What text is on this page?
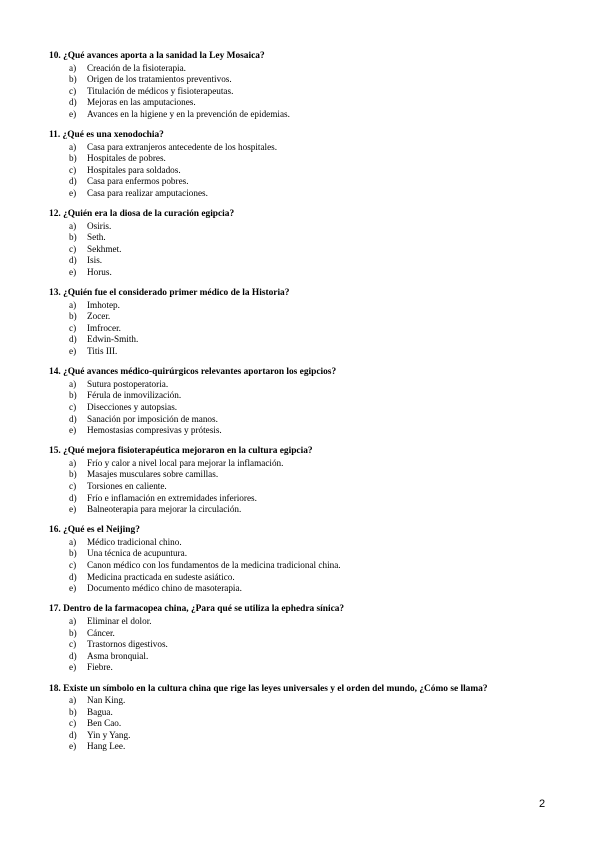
10. ¿Qué avances aporta a la sanidad la Ley Mosaica?
a) Creación de la fisioterapia.
b) Origen de los tratamientos preventivos.
c) Titulación de médicos y fisioterapeutas.
d) Mejoras en las amputaciones.
e) Avances en la higiene y en la prevención de epidemias.
11. ¿Qué es una xenodochia?
a) Casa para extranjeros antecedente de los hospitales.
b) Hospitales de pobres.
c) Hospitales para soldados.
d) Casa para enfermos pobres.
e) Casa para realizar amputaciones.
12. ¿Quién era la diosa de la curación egipcia?
a) Osiris.
b) Seth.
c) Sekhmet.
d) Isis.
e) Horus.
13. ¿Quién fue el considerado primer médico de la Historia?
a) Imhotep.
b) Zocer.
c) Imfrocer.
d) Edwin-Smith.
e) Titis III.
14. ¿Qué avances médico-quirúrgicos relevantes aportaron los egipcios?
a) Sutura postoperatoria.
b) Férula de inmovilización.
c) Disecciones y autopsias.
d) Sanación por imposición de manos.
e) Hemostasias compresivas y prótesis.
15. ¿Qué mejora fisioterapéutica mejoraron en la cultura egipcia?
a) Frío y calor a nivel local para mejorar la inflamación.
b) Masajes musculares sobre camillas.
c) Torsiones en caliente.
d) Frío e inflamación en extremidades inferiores.
e) Balneoterapia para mejorar la circulación.
16. ¿Qué es el Neijing?
a) Médico tradicional chino.
b) Una técnica de acupuntura.
c) Canon médico con los fundamentos de la medicina tradicional china.
d) Medicina practicada en sudeste asiático.
e) Documento médico chino de masoterapia.
17. Dentro de la farmacopea china, ¿Para qué se utiliza la ephedra sínica?
a) Eliminar el dolor.
b) Cáncer.
c) Trastornos digestivos.
d) Asma bronquial.
e) Fiebre.
18. Existe un símbolo en la cultura china que rige las leyes universales y el orden del mundo, ¿Cómo se llama?
a) Nan King.
b) Bagua.
c) Ben Cao.
d) Yin y Yang.
e) Hang Lee.
2
